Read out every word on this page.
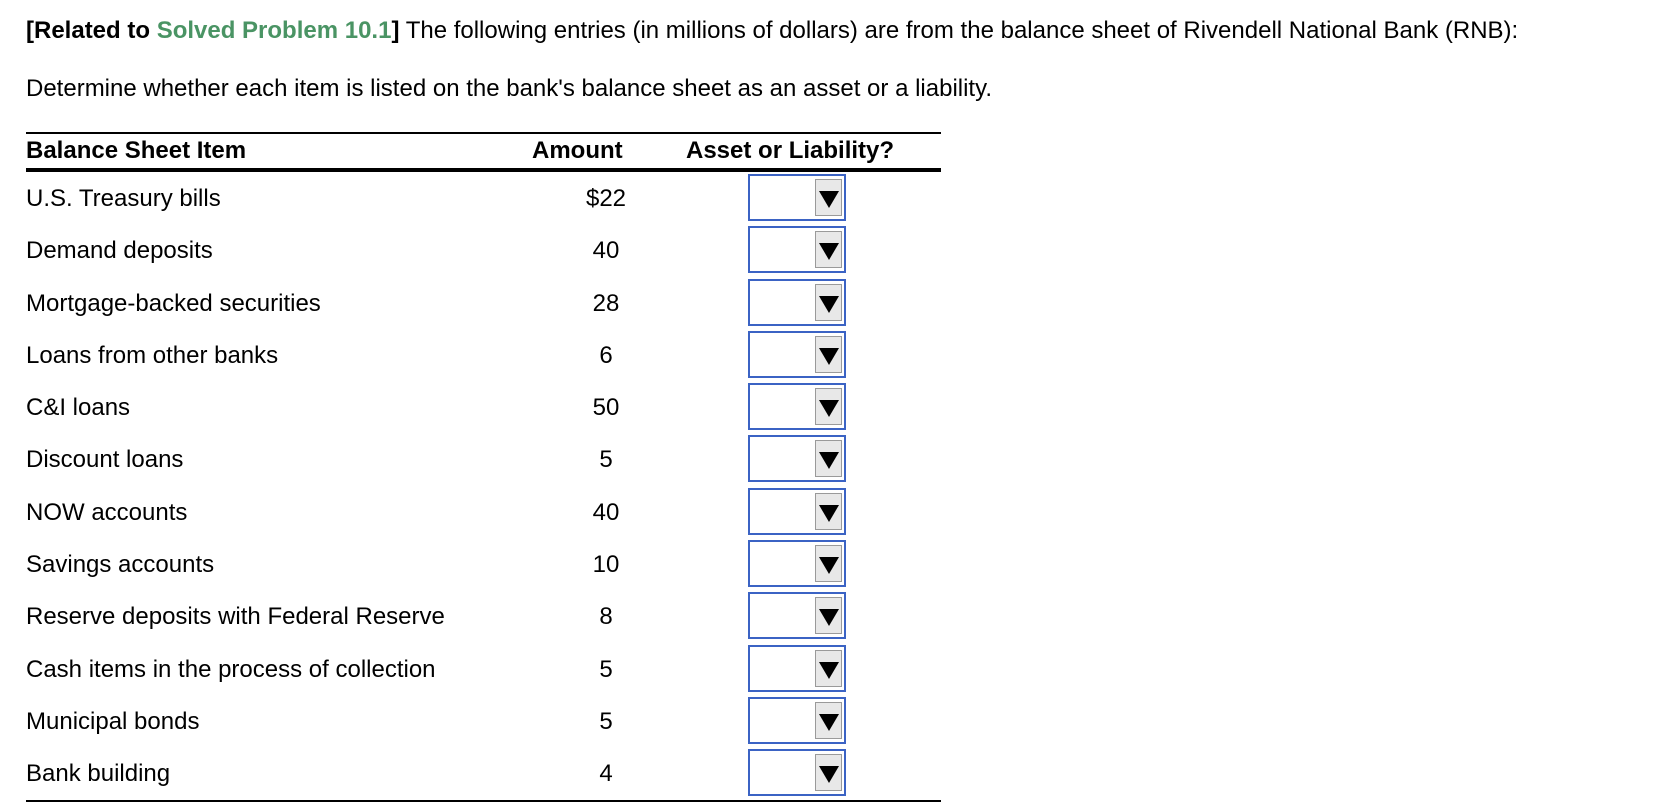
[Related to Solved Problem 10.1] The following entries (in millions of dollars) are from the balance sheet of Rivendell National Bank (RNB):
Determine whether each item is listed on the bank's balance sheet as an asset or a liability.
Balance Sheet Item	Amount	Asset or Liability?
U.S. Treasury bills	$22
Demand deposits	40
Mortgage-backed securities	28
Loans from other banks	6
C&I loans	50
Discount loans	5
NOW accounts	40
Savings accounts	10
Reserve deposits with Federal Reserve	8
Cash items in the process of collection	5
Municipal bonds	5
Bank building	4
